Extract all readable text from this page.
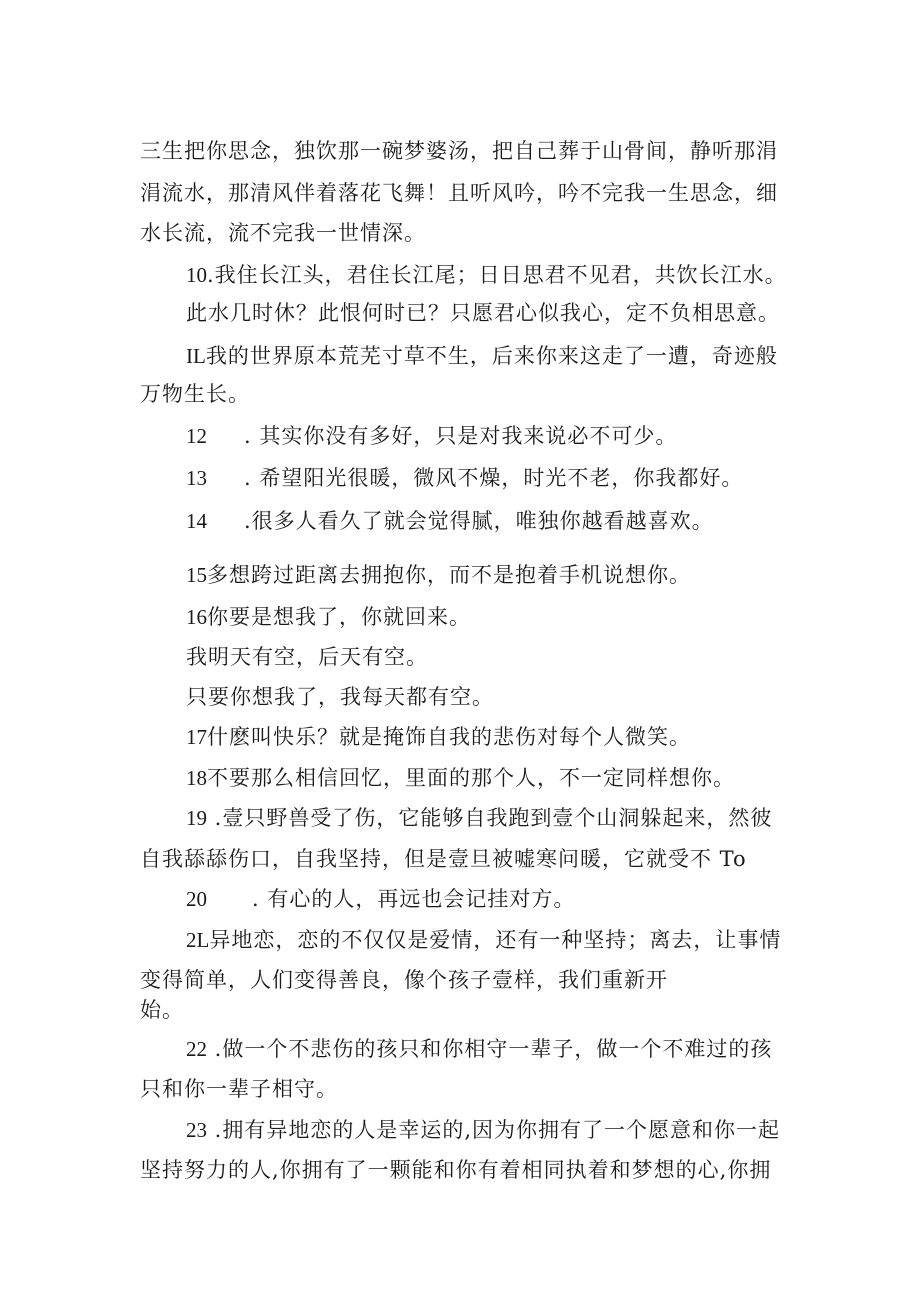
三生把你思念，独饮那一碗梦婆汤，把自己葬于山骨间，静听那涓
涓流水，那清风伴着落花飞舞！且听风吟，吟不完我一生思念，细
水长流，流不完我一世情深。
10.我住长江头，君住长江尾；日日思君不见君，共饮长江水。
此水几时休？此恨何时已？只愿君心似我心，定不负相思意。
IL我的世界原本荒芜寸草不生，后来你来这走了一遭，奇迹般
万物生长。
12 . 其实你没有多好，只是对我来说必不可少。
13 . 希望阳光很暖，微风不燥，时光不老，你我都好。
14 .很多人看久了就会觉得腻，唯独你越看越喜欢。
15多想跨过距离去拥抱你，而不是抱着手机说想你。
16你要是想我了，你就回来。
我明天有空，后天有空。
只要你想我了，我每天都有空。
17什麽叫快乐？就是掩饰自我的悲伤对每个人微笑。
18不要那么相信回忆，里面的那个人，不一定同样想你。
19 .壹只野兽受了伤，它能够自我跑到壹个山洞躲起来，然彼
自我舔舔伤口，自我坚持，但是壹旦被嘘寒问暖，它就受不 To
20 . 有心的人，再远也会记挂对方。
2L异地恋，恋的不仅仅是爱情，还有一种坚持；离去，让事情
变得简单，人们变得善良，像个孩子壹样，我们重新开
始。
22 .做一个不悲伤的孩只和你相守一辈子，做一个不难过的孩
只和你一辈子相守。
23 .拥有异地恋的人是幸运的,因为你拥有了一个愿意和你一起
坚持努力的人,你拥有了一颗能和你有着相同执着和梦想的心,你拥
